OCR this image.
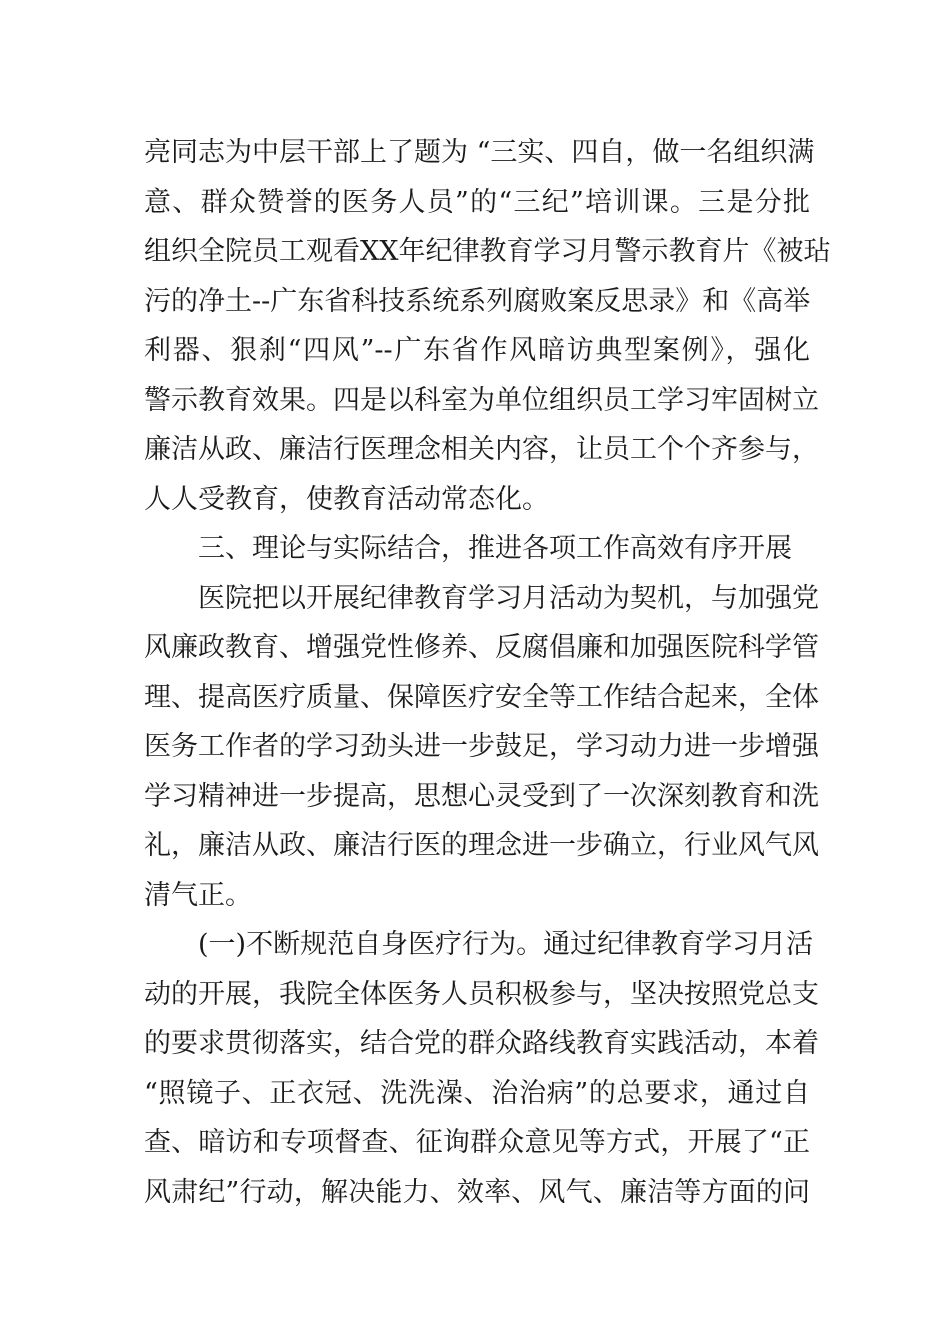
亮同志为中层干部上了题为 “三实、四自，做一名组织满
意、群众赞誉的医务人员”的“三纪”培训课。三是分批
组织全院员工观看XX年纪律教育学习月警示教育片《被玷
污的净土--广东省科技系统系列腐败案反思录》和《高举
利器、狠刹“四风”--广东省作风暗访典型案例》，强化
警示教育效果。四是以科室为单位组织员工学习牢固树立
廉洁从政、廉洁行医理念相关内容，让员工个个齐参与，
人人受教育，使教育活动常态化。
三、理论与实际结合，推进各项工作高效有序开展
医院把以开展纪律教育学习月活动为契机，与加强党
风廉政教育、增强党性修养、反腐倡廉和加强医院科学管
理、提高医疗质量、保障医疗安全等工作结合起来，全体
医务工作者的学习劲头进一步鼓足，学习动力进一步增强
学习精神进一步提高，思想心灵受到了一次深刻教育和洗
礼，廉洁从政、廉洁行医的理念进一步确立，行业风气风
清气正。
(一)不断规范自身医疗行为。通过纪律教育学习月活
动的开展，我院全体医务人员积极参与，坚决按照党总支
的要求贯彻落实，结合党的群众路线教育实践活动，本着
“照镜子、正衣冠、洗洗澡、治治病”的总要求，通过自
查、暗访和专项督查、征询群众意见等方式，开展了“正
风肃纪”行动，解决能力、效率、风气、廉洁等方面的问
